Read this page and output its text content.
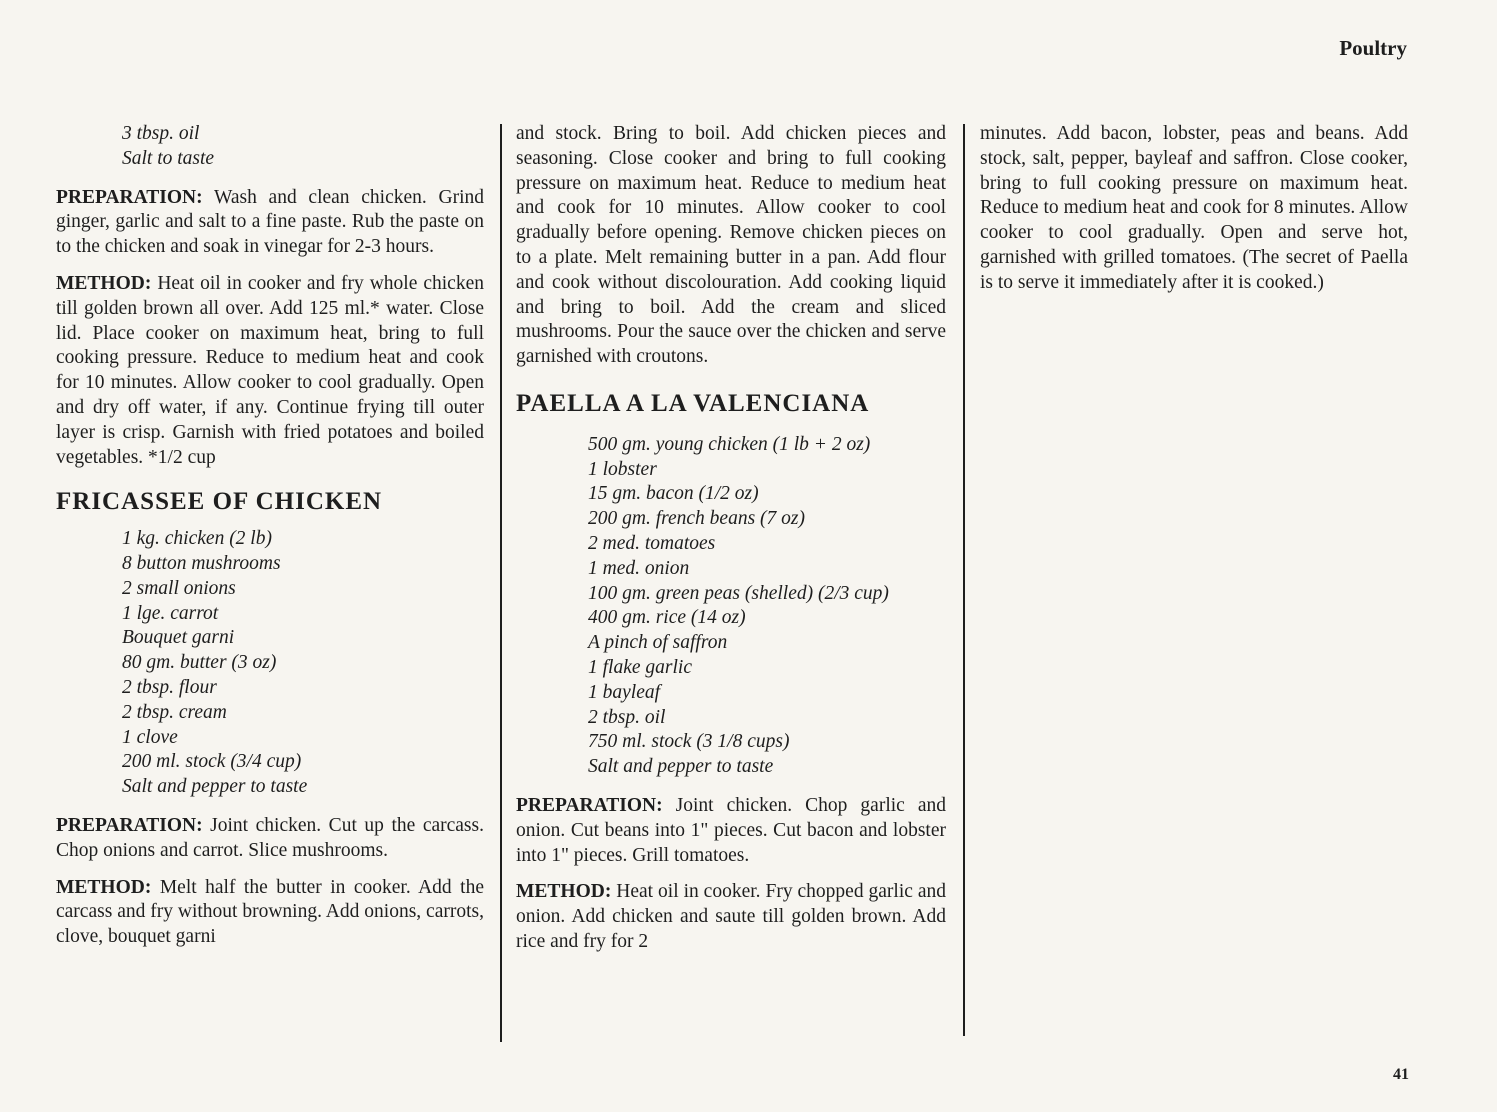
Poultry
3 tbsp. oil
Salt to taste

PREPARATION: Wash and clean chicken. Grind ginger, garlic and salt to a fine paste. Rub the paste on to the chicken and soak in vinegar for 2-3 hours.

METHOD: Heat oil in cooker and fry whole chicken till golden brown all over. Add 125 ml.* water. Close lid. Place cooker on maximum heat, bring to full cooking pressure. Reduce to medium heat and cook for 10 minutes. Allow cooker to cool gradually. Open and dry off water, if any. Continue frying till outer layer is crisp. Garnish with fried potatoes and boiled vegetables. *1/2 cup

FRICASSEE OF CHICKEN
1 kg. chicken (2 lb)
8 button mushrooms
2 small onions
1 lge. carrot
Bouquet garni
80 gm. butter (3 oz)
2 tbsp. flour
2 tbsp. cream
1 clove
200 ml. stock (3/4 cup)
Salt and pepper to taste

PREPARATION: Joint chicken. Cut up the carcass. Chop onions and carrot. Slice mushrooms.

METHOD: Melt half the butter in cooker. Add the carcass and fry without browning. Add onions, carrots, clove, bouquet garni

and stock. Bring to boil. Add chicken pieces and seasoning. Close cooker and bring to full cooking pressure on maximum heat. Reduce to medium heat and cook for 10 minutes. Allow cooker to cool gradually before opening. Remove chicken pieces on to a plate. Melt remaining butter in a pan. Add flour and cook without discolouration. Add cooking liquid and bring to boil. Add the cream and sliced mushrooms. Pour the sauce over the chicken and serve garnished with croutons.

PAELLA A LA VALENCIANA
500 gm. young chicken (1 lb + 2 oz)
1 lobster
15 gm. bacon (1/2 oz)
200 gm. french beans (7 oz)
2 med. tomatoes
1 med. onion
100 gm. green peas (shelled) (2/3 cup)
400 gm. rice (14 oz)
A pinch of saffron
1 flake garlic
1 bayleaf
2 tbsp. oil
750 ml. stock (3 1/8 cups)
Salt and pepper to taste

PREPARATION: Joint chicken. Chop garlic and onion. Cut beans into 1" pieces. Cut bacon and lobster into 1" pieces. Grill tomatoes.

METHOD: Heat oil in cooker. Fry chopped garlic and onion. Add chicken and saute till golden brown. Add rice and fry for 2

minutes. Add bacon, lobster, peas and beans. Add stock, salt, pepper, bayleaf and saffron. Close cooker, bring to full cooking pressure on maximum heat. Reduce to medium heat and cook for 8 minutes. Allow cooker to cool gradually. Open and serve hot, garnished with grilled tomatoes. (The secret of Paella is to serve it immediately after it is cooked.)

41
